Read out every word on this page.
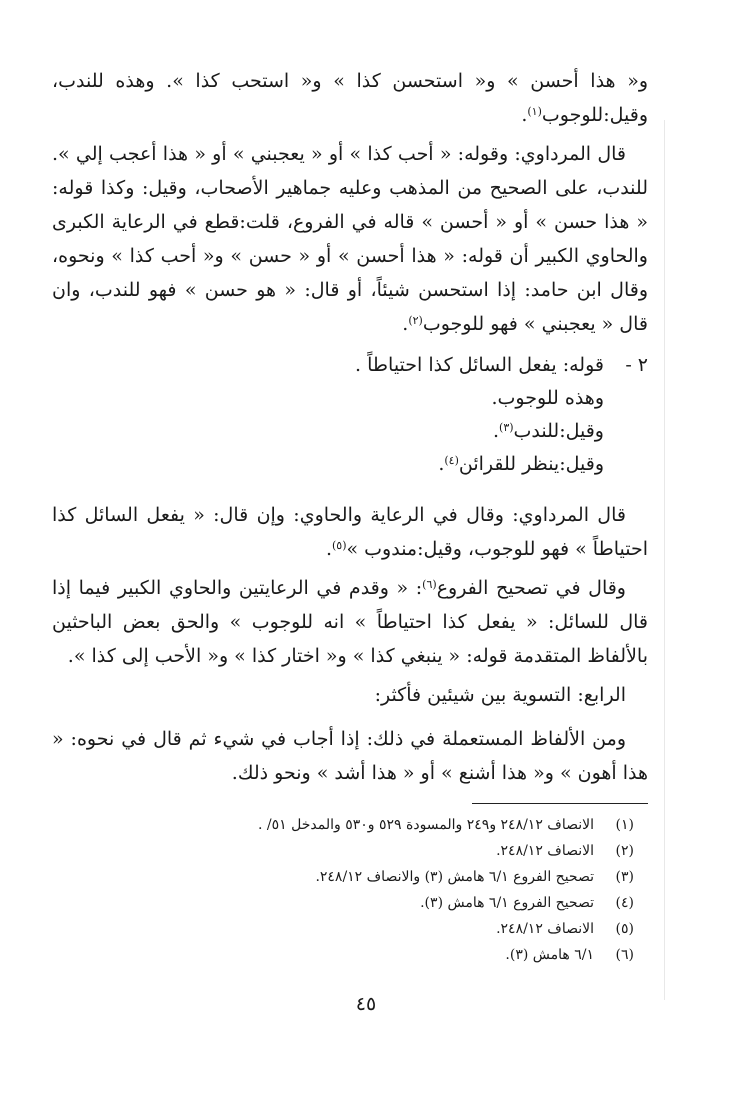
و« هذا أحسن » و« استحسن كذا » و« استحب كذا ». وهذه للندب، وقيل:للوجوب$^{(١)}$.

قال المرداوي: وقوله: « أحب كذا » أو « يعجبني » أو « هذا أعجب إلي ». للندب، على الصحيح من المذهب وعليه جماهير الأصحاب، وقيل: وكذا قوله: « هذا حسن » أو « أحسن » قاله في الفروع، قلت:قطع في الرعاية الكبرى والحاوي الكبير أن قوله: « هذا أحسن » أو « حسن » و« أحب كذا » ونحوه، وقال ابن حامد: إذا استحسن شيئاً، أو قال: « هو حسن » فهو للندب، وان قال « يعجبني » فهو للوجوب$^{(٢)}$.

٢ -
قوله: يفعل السائل كذا احتياطاً .
وهذه للوجوب.
وقيل:للندب$^{(٣)}$.
وقيل:ينظر للقرائن$^{(٤)}$.

قال المرداوي: وقال في الرعاية والحاوي: وإن قال: « يفعل السائل كذا احتياطاً » فهو للوجوب، وقيل:مندوب »$^{(٥)}$.

وقال في تصحيح الفروع$^{(٦)}$: « وقدم في الرعايتين والحاوي الكبير فيما إذا قال للسائل: « يفعل كذا احتياطاً » انه للوجوب » والحق بعض الباحثين بالألفاظ المتقدمة قوله: « ينبغي كذا » و« اختار كذا » و« الأحب إلى كذا ».

الرابع: التسوية بين شيئين فأكثر:

ومن الألفاظ المستعملة في ذلك: إذا أجاب في شيء ثم قال في نحوه: « هذا أهون » و« هذا أشنع » أو « هذا أشد » ونحو ذلك.

(١)
الانصاف ٢٤٨/١٢ و٢٤٩ والمسودة ٥٢٩ و٥٣٠ والمدخل ٥١/ .
(٢)
الانصاف ٢٤٨/١٢.
(٣)
تصحيح الفروع ٦/١ هامش (٣) والانصاف ٢٤٨/١٢.
(٤)
تصحيح الفروع ٦/١ هامش (٣).
(٥)
الانصاف ٢٤٨/١٢.
(٦)
٦/١ هامش (٣).
٤٥
